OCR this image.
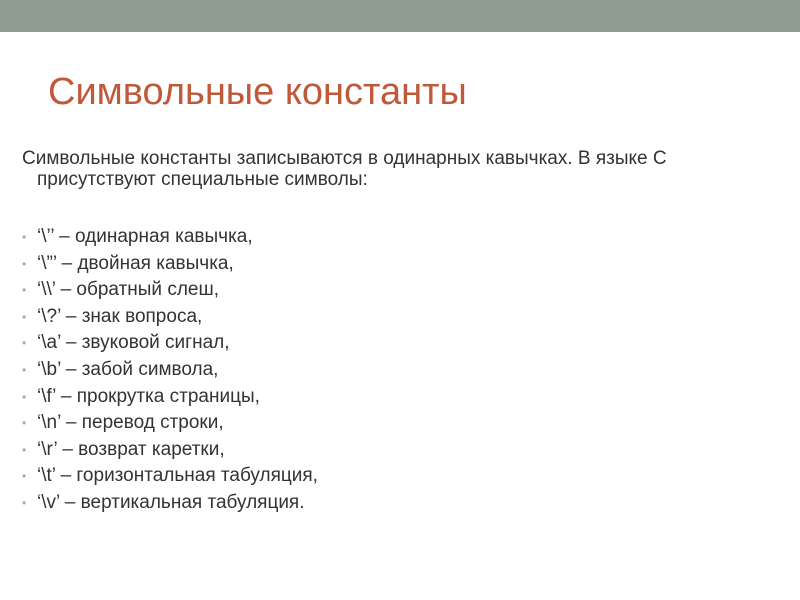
Символьные константы

Символьные константы записываются в одинарных кавычках. В языке С
присутствуют специальные символы:

• ‘\’’ – одинарная кавычка,
• ‘\”’ – двойная кавычка,
• ‘\\’ – обратный слеш,
• ‘\?’ – знак вопроса,
• ‘\a’ – звуковой сигнал,
• ‘\b’ – забой символа,
• ‘\f’ – прокрутка страницы,
• ‘\n’ – перевод строки,
• ‘\r’ – возврат каретки,
• ‘\t’ – горизонтальная табуляция,
• ‘\v’ – вертикальная табуляция.
